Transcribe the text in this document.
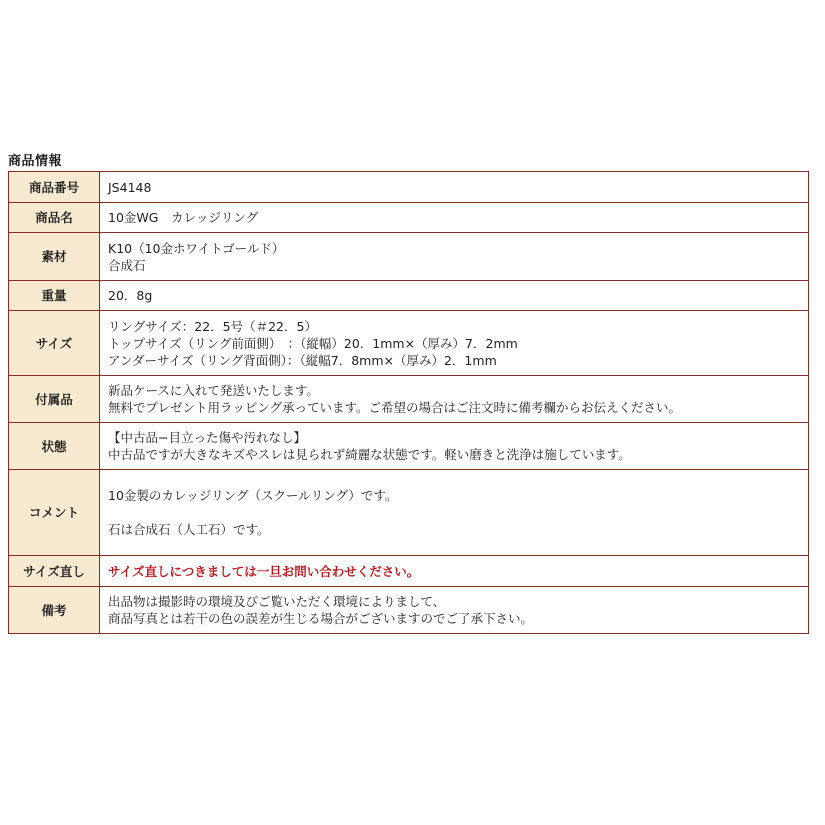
商品情報
商品番号	JS4148

商品名	10金WG　カレッジリング

素材	K10（10金ホワイトゴールド）
合成石

重量	20．8g

サイズ	リングサイズ：22．5号（＃22．5）
トップサイズ（リング前面側）　：（縦幅）20．1mm×（厚み）7．2mm
アンダーサイズ（リング背面側）：（縦幅7．8mm×（厚み）2．1mm

付属品	新品ケースに入れて発送いたします。
無料でプレゼント用ラッピング承っています。ご希望の場合はご注文時に備考欄からお伝えください。

状態	【中古品−目立った傷や汚れなし】
中古品ですが大きなキズやスレは見られず綺麗な状態です。軽い磨きと洗浄は施しています。

コメント	10金製のカレッジリング（スクールリング）です。
石は合成石（人工石）です。

サイズ直し	サイズ直しにつきましては一旦お問い合わせください。

備考	出品物は撮影時の環境及びご覧いただく環境によりまして、
商品写真とは若干の色の誤差が生じる場合がございますのでご了承下さい。
